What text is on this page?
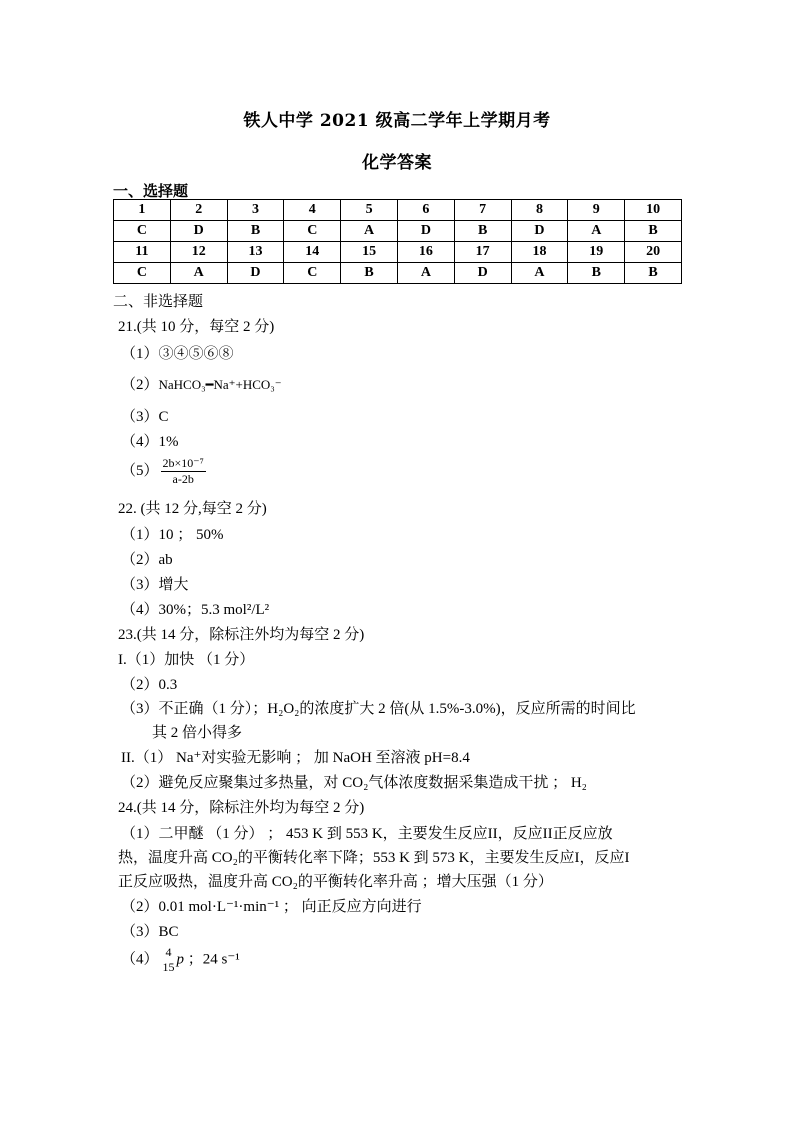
铁人中学 2021 级高二学年上学期月考
化学答案
一、选择题
1	2	3	4	5	6	7	8	9	10
C	D	B	C	A	D	B	D	A	B
11	12	13	14	15	16	17	18	19	20
C	A	D	C	B	A	D	A	B	B
二、非选择题
21.(共 10 分，每空 2 分)
（1）③④⑤⑥⑧
（2）NaHCO₃━Na⁺+HCO₃⁻
（3）C
（4）1%
$(5) \frac{\text{2b×10⁻⁷}}{a-2b}$
22. (共 12 分,每空 2 分)
（1）10 ； 50%
（2）ab
（3）增大
（4）30%；5.3 mol²/L²
23.(共 14 分，除标注外均为每空 2 分)
I.（1）加快 （1 分）
（2）0.3
（3）不正确（1 分）；H₂O₂的浓度扩大 2 倍(从 1.5%-3.0%)，反应所需的时间比
其 2 倍小得多
II.（1） Na⁺对实验无影响 ； 加 NaOH 至溶液 pH=8.4
（2）避免反应聚集过多热量，对 CO₂气体浓度数据采集造成干扰 ； H₂
24.(共 14 分，除标注外均为每空 2 分)
（1）二甲醚 （1 分） ； 453 K 到 553 K，主要发生反应II，反应II正反应放
热，温度升高 CO₂的平衡转化率下降；553 K 到 573 K，主要发生反应I，反应I
正反应吸热，温度升高 CO₂的平衡转化率升高 ；增大压强（1 分）
（2）0.01 mol·L⁻¹·min⁻¹ ； 向正反应方向进行
（3）BC
（4） 4
15 p ；24 s⁻¹
